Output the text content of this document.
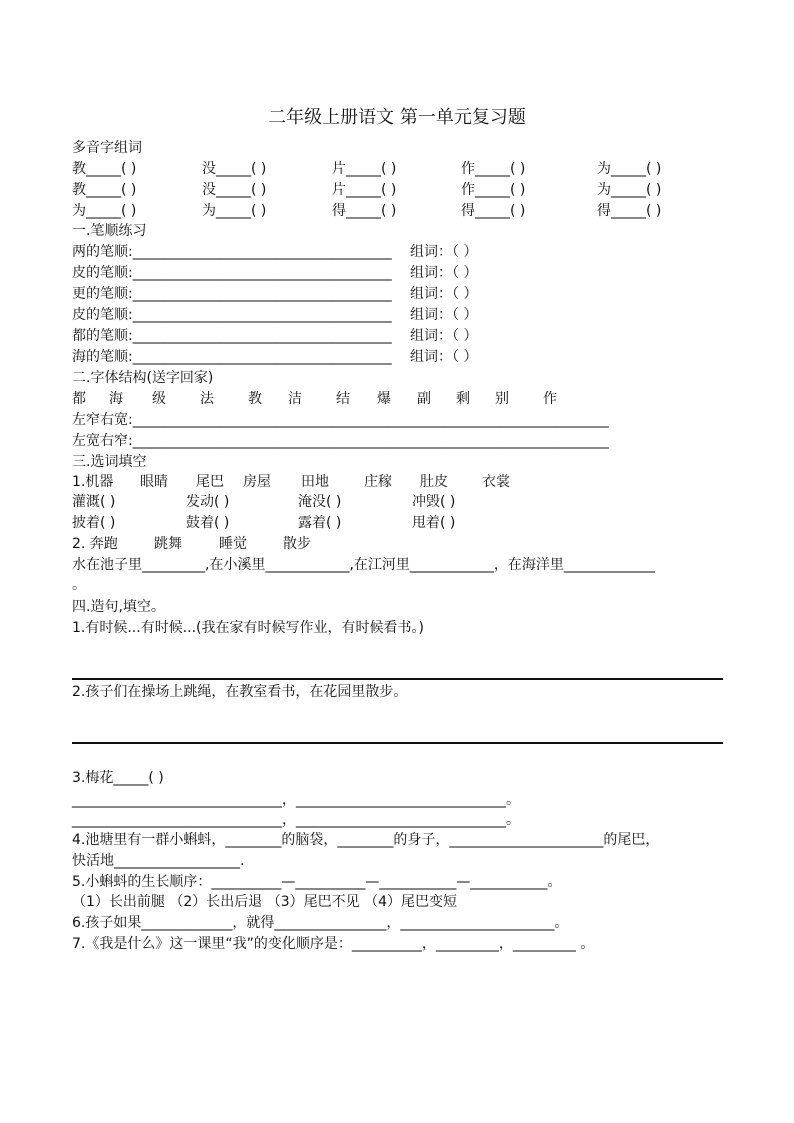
二年级上册语文 第一单元复习题
多音字组词
教_____( )	没_____( )	片_____( )	作_____( )	为_____( )
教_____( )	没_____( )	片_____( )	作_____( )	为_____( )
为_____( )	为_____( )	得_____( )	得_____( )	得_____( )
一.笔顺练习
两的笔顺:_____________________________________ 组词：（ ）
皮的笔顺:_____________________________________ 组词：（ ）
更的笔顺:_____________________________________ 组词：（ ）
皮的笔顺:_____________________________________ 组词：（ ）
都的笔顺:_____________________________________ 组词：（ ）
海的笔顺:_____________________________________ 组词：（ ）
二.字体结构(送字回家)
都 海 级 法 教 洁 结 爆 副 剩 别 作
左窄右宽:____________________________________________________________________
左宽右窄:____________________________________________________________________
三.选词填空
1.机器 眼睛 尾巴 房屋 田地	庄稼 肚皮 衣裳
灌溉( )	发动( )	淹没( )	冲毁( )
披着( )	鼓着( )	露着( )	甩着( )
2. 奔跑	跳舞	睡觉	散步
水在池子里_________,在小溪里____________,在江河里____________，在海洋里_____________
。
四.造句,填空。
1.有时候...有时候...(我在家有时候写作业，有时候看书。)
2.孩子们在操场上跳绳，在教室看书，在花园里散步。
3.梅花_____( )
______________________________，______________________________。
______________________________，______________________________。
4.池塘里有一群小蝌蚪，________的脑袋，________的身子，______________________的尾巴，
快活地__________________.
5.小蝌蚪的生长顺序：__________—__________—___________—___________。
（1）长出前腿 （2）长出后退 （3）尾巴不见 （4）尾巴变短
6.孩子如果_____________，就得________________，______________________。
7.《我是什么》这一课里“我”的变化顺序是：__________，_________，_________ 。
